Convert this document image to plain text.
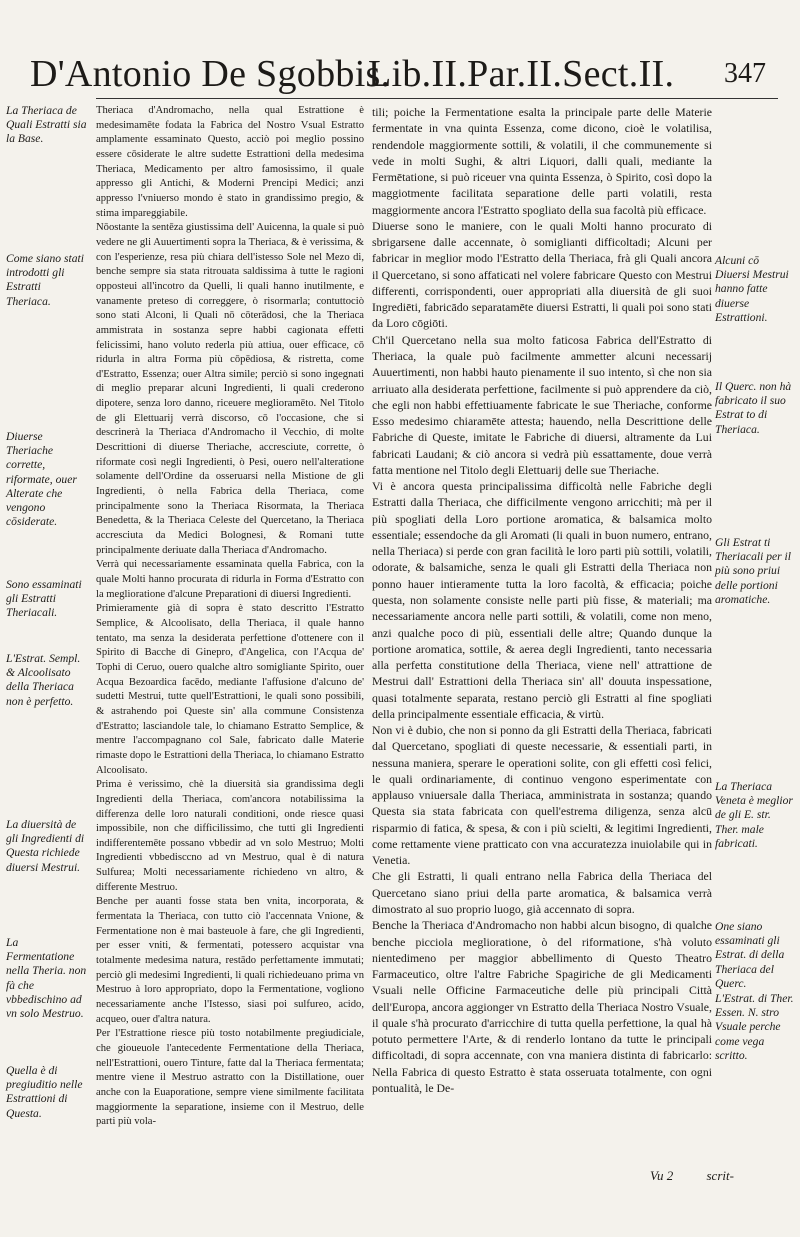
D'Antonio De Sgobbis.
Lib.II.Par.II.Sect.II. 347

Theriaca d'Andromacho, nella qual Estrattione è medesimamēte fodata la Fabrica del Nostro Vsual Estratto amplamente essaminato Questo, acciò poi meglio possino essere cōsiderate le altre sudette Estrattioni della medesima Theriaca, Medicamento per altro famosissimo, il quale appresso gli Antichi, & Moderni Prencipi Medici; anzi appresso l'vniuerso mondo è stato in grandissimo pregio, & stima impareggiabile.

Nōostante la sentēza giustissima dell' Auicenna, la quale si può vedere ne gli Auuertimenti sopra la Theriaca, & è verissima, & con l'esperienze, resa più chiara dell'istesso Sole nel Mezo di, benche sempre sia stata ritrouata saldissima à tutte le ragioni opposteui all'incotro da Quelli, li quali hanno inutilmente, e vanamente preteso di correggere, ò risormarla; contuttociò sono stati Alconi, li Quali nō cōterādosi, che la Theriaca ammistrata in sostanza sepre habbi cagionata effetti felicissimi, hano voluto rederla più attiua, ouer efficace, cō ridurla in altra Forma più cōpēdiosa, & ristretta, come d'Estratto, Essenza; ouer Altra simile; perciò si sono ingegnati di meglio preparar alcuni Ingredienti, li quali crederono dipotere, senza loro danno, riceuere meglioramēto. Nel Titolo de gli Elettuarij verrà discorso, cō l'occasione, che si descrinerà la Theriaca d'Andromacho il Vecchio, di molte Descrittioni di diuerse Theriache, accresciute, corrette, ò riformate così negli Ingredienti, ò Pesi, ouero nell'alteratione solamente dell'Ordine da osseruarsi nella Mistione de gli Ingredienti, ò nella Fabrica della Theriaca, come principalmente sono la Theriaca Risormata, la Theriaca Benedetta, & la Theriaca Celeste del Quercetano, la Theriaca accresciuta da Medici Bolognesi, & Romani tutte principalmente deriuate dalla Theriaca d'Andromacho.

Verrà qui necessariamente essaminata quella Fabrica, con la quale Molti hanno procurata di ridurla in Forma d'Estratto con la meglioratione d'alcune Preparationi di diuersi Ingredienti.

Primieramente già di sopra è stato descritto l'Estratto Semplice, & Alcoolisato, della Theriaca, il quale hanno tentato, ma senza la desiderata perfettione d'ottenere con il Spirito di Bacche di Ginepro, d'Angelica, con l'Acqua de' Tophi di Ceruo, ouero qualche altro somigliante Spirito, ouer Acqua Bezoardica facēdo, mediante l'affusione d'alcuno de' sudetti Mestrui, tutte quell'Estrattioni, le quali sono possibili, & astrahendo poi Queste sin' alla commune Consistenza d'Estratto; lasciandole tale, lo chiamano Estratto Semplice, & mentre l'accompagnano col Sale, fabricato dalle Materie rimaste dopo le Estrattioni della Theriaca, lo chiamano Estratto Alcoolisato.

Prima è verissimo, chè la diuersità sia grandissima degli Ingredienti della Theriaca, com'ancora notabilissima la differenza delle loro naturali conditioni, onde riesce quasi impossibile, non che difficilissimo, che tutti gli Ingredienti indifferentemēte possano vbbedir ad vn solo Mestruo; Molti Ingredienti vbbedisccno ad vn Mestruo, qual è di natura Sulfurea; Molti necessariamente richiedeno vn altro, & differente Mestruo.

Benche per auanti fosse stata ben vnita, incorporata, & fermentata la Theriaca, con tutto ciò l'accennata Vnione, & Fermentatione non è mai basteuole à fare, che gli Ingredienti, per esser vniti, & fermentati, potessero acquistar vna totalmente medesima natura, restādo perfettamente immutati; perciò gli medesimi Ingredienti, li quali richiedeuano prima vn Mestruo à loro appropriato, dopo la Fermentatione, vogliono necessariamente anche l'Istesso, siasi poi sulfureo, acido, acqueo, ouer d'altra natura.

Per l'Estrattione riesce più tosto notabilmente pregiudiciale, che gioueuole l'antecedente Fermentatione della Theriaca, nell'Estrattioni, ouero Tinture, fatte dal la Theriaca fermentata; mentre viene il Mestruo astratto con la Distillatione, ouer anche con la Euaporatione, sempre viene similmente facilitata maggiormente la separatione, insieme con il Mestruo, delle parti più vola-

tili; poiche la Fermentatione esalta la principale parte delle Materie fermentate in vna quinta Essenza, come dicono, cioè le volatilisa, rendendole maggiormente sottili, & volatili, il che communemente si vede in molti Sughi, & altri Liquori, dalli quali, mediante la Fermētatione, si può riceuer vna quinta Essenza, ò Spirito, così dopo la maggiotmente facilitata separatione delle parti volatili, resta maggiormente ancora l'Estratto spogliato della sua facoltà più efficace.

Diuerse sono le maniere, con le quali Molti hanno procurato di sbrigarsene dalle accennate, ò somiglianti difficoltadi; Alcuni per fabricar in meglior modo l'Estratto della Theriaca, frà gli Quali ancora il Quercetano, si sono affaticati nel volere fabricare Questo con Mestrui differenti, corrispondenti, ouer appropriati alla diuersità de gli suoi Ingrediēti, fabricādo separatamēte diuersi Estratti, li quali poi sono stati da Loro cōgiōti.

Ch'il Quercetano nella sua molto faticosa Fabrica dell'Estratto di Theriaca, la quale può facilmente ammetter alcuni necessarij Auuertimenti, non habbi hauto pienamente il suo intento, sì che non sia arriuato alla desiderata perfettione, facilmente si può apprendere da ciò, che egli non habbi effettiuamente fabricate le sue Theriache, conforme Esso medesimo chiaramēte attesta; hauendo, nella Descrittione delle Fabriche di Queste, imitate le Fabriche di diuersi, altramente da Lui fabricati Laudani; & ciò ancora si vedrà più essattamente, doue verrà fatta mentione nel Titolo degli Elettuarij delle sue Theriache.

Vi è ancora questa principalissima difficoltà nelle Fabriche degli Estratti dalla Theriaca, che difficilmente vengono arricchiti; mà per il più spogliati della Loro portione aromatica, & balsamica molto essentiale; essendoche da gli Aromati (li quali in buon numero, entrano, nella Theriaca) si perde con gran facilità le loro parti più sottili, volatili, odorate, & balsamiche, senza le quali gli Estratti della Theriaca non ponno hauer intieramente tutta la loro facoltà, & efficacia; poiche questa, non solamente consiste nelle parti più fisse, & materiali; ma necessariamente ancora nelle parti sottili, & volatili, come non meno, anzi qualche poco di più, essentiali delle altre; Quando dunque la portione aromatica, sottile, & aerea degli Ingredienti, tanto necessaria alla perfetta constitutione della Theriaca, viene nell' attrattione de Mestrui dall' Estrattioni della Theriaca sin' all' douuta inspessatione, quasi totalmente separata, restano perciò gli Estratti al fine spogliati della principalmente essentiale efficacia, & virtù.

Non vi è dubio, che non si ponno da gli Estratti della Theriaca, fabricati dal Quercetano, spogliati di queste necessarie, & essentiali parti, in nessuna maniera, sperare le operationi solite, con gli effetti così felici, le quali ordinariamente, di continuo vengono esperimentate con applauso vniuersale dalla Theriaca, amministrata in sostanza; quando Questa sia stata fabricata con quell'estrema diligenza, senza alcū risparmio di fatica, & spesa, & con i più scielti, & legitimi Ingredienti, come rettamente viene pratticato con vna accuratezza inuiolabile qui in Venetia.

Che gli Estratti, li quali entrano nella Fabrica della Theriaca del Quercetano siano priui della parte aromatica, & balsamica verrà dimostrato al suo proprio luogo, già accennato di sopra.

Benche la Theriaca d'Andromacho non habbi alcun bisogno, di qualche benche picciola meglioratione, ò del riformatione, s'hà voluto nientedimeno per maggior abbellimento di Questo Theatro Farmaceutico, oltre l'altre Fabriche Spagiriche de gli Medicamenti Vsuali nelle Officine Farmaceutiche delle più principali Città dell'Europa, ancora aggionger vn Estratto della Theriaca Nostro Vsuale, il quale s'hà procurato d'arricchire di tutta quella perfettione, la qual hà potuto permettere l'Arte, & di renderlo lontano da tutte le principali difficoltadi, di sopra accennate, con vna maniera distinta di fabricarlo: Nella Fabrica di questo Estratto è stata osseruata totalmente, con ogni pontualità, le De-

La Theriaca de Quali Estratti sia la Base.
Come siano stati introdotti gli Estratti Theriaca.
Diuerse Theriache corrette, riformate, ouer Alterate che vengono cōsiderate.
Sono essaminati gli Estratti Theriacali.
L'Estrat. Sempl. & Alcoolisato della Theriaca non è perfetto.
La diuersità de gli Ingredienti di Questa richiede diuersi Mestrui.
La Fermentatione nella Theria. non fà che vbbedischino ad vn solo Mestruo.
Quella è di pregiuditio nelle Estrattioni di Questa.
Alcuni cō Diuersi Mestrui hanno fatte diuerse Estrattioni.
Il Querc. non hà fabricato il suo Estrat to di Theriaca.
Gli Estrat ti Theriacali per il più sono priui delle portioni aromatiche.
La Theriaca Veneta è meglior de gli E. str. Ther. male fabricati.
One siano essaminati gli Estrat. di della Theriaca del Querc.
L'Estrat. di Ther. Essen. N. stro Vsuale perche come vega scritto.
Vu 2	scrit-
